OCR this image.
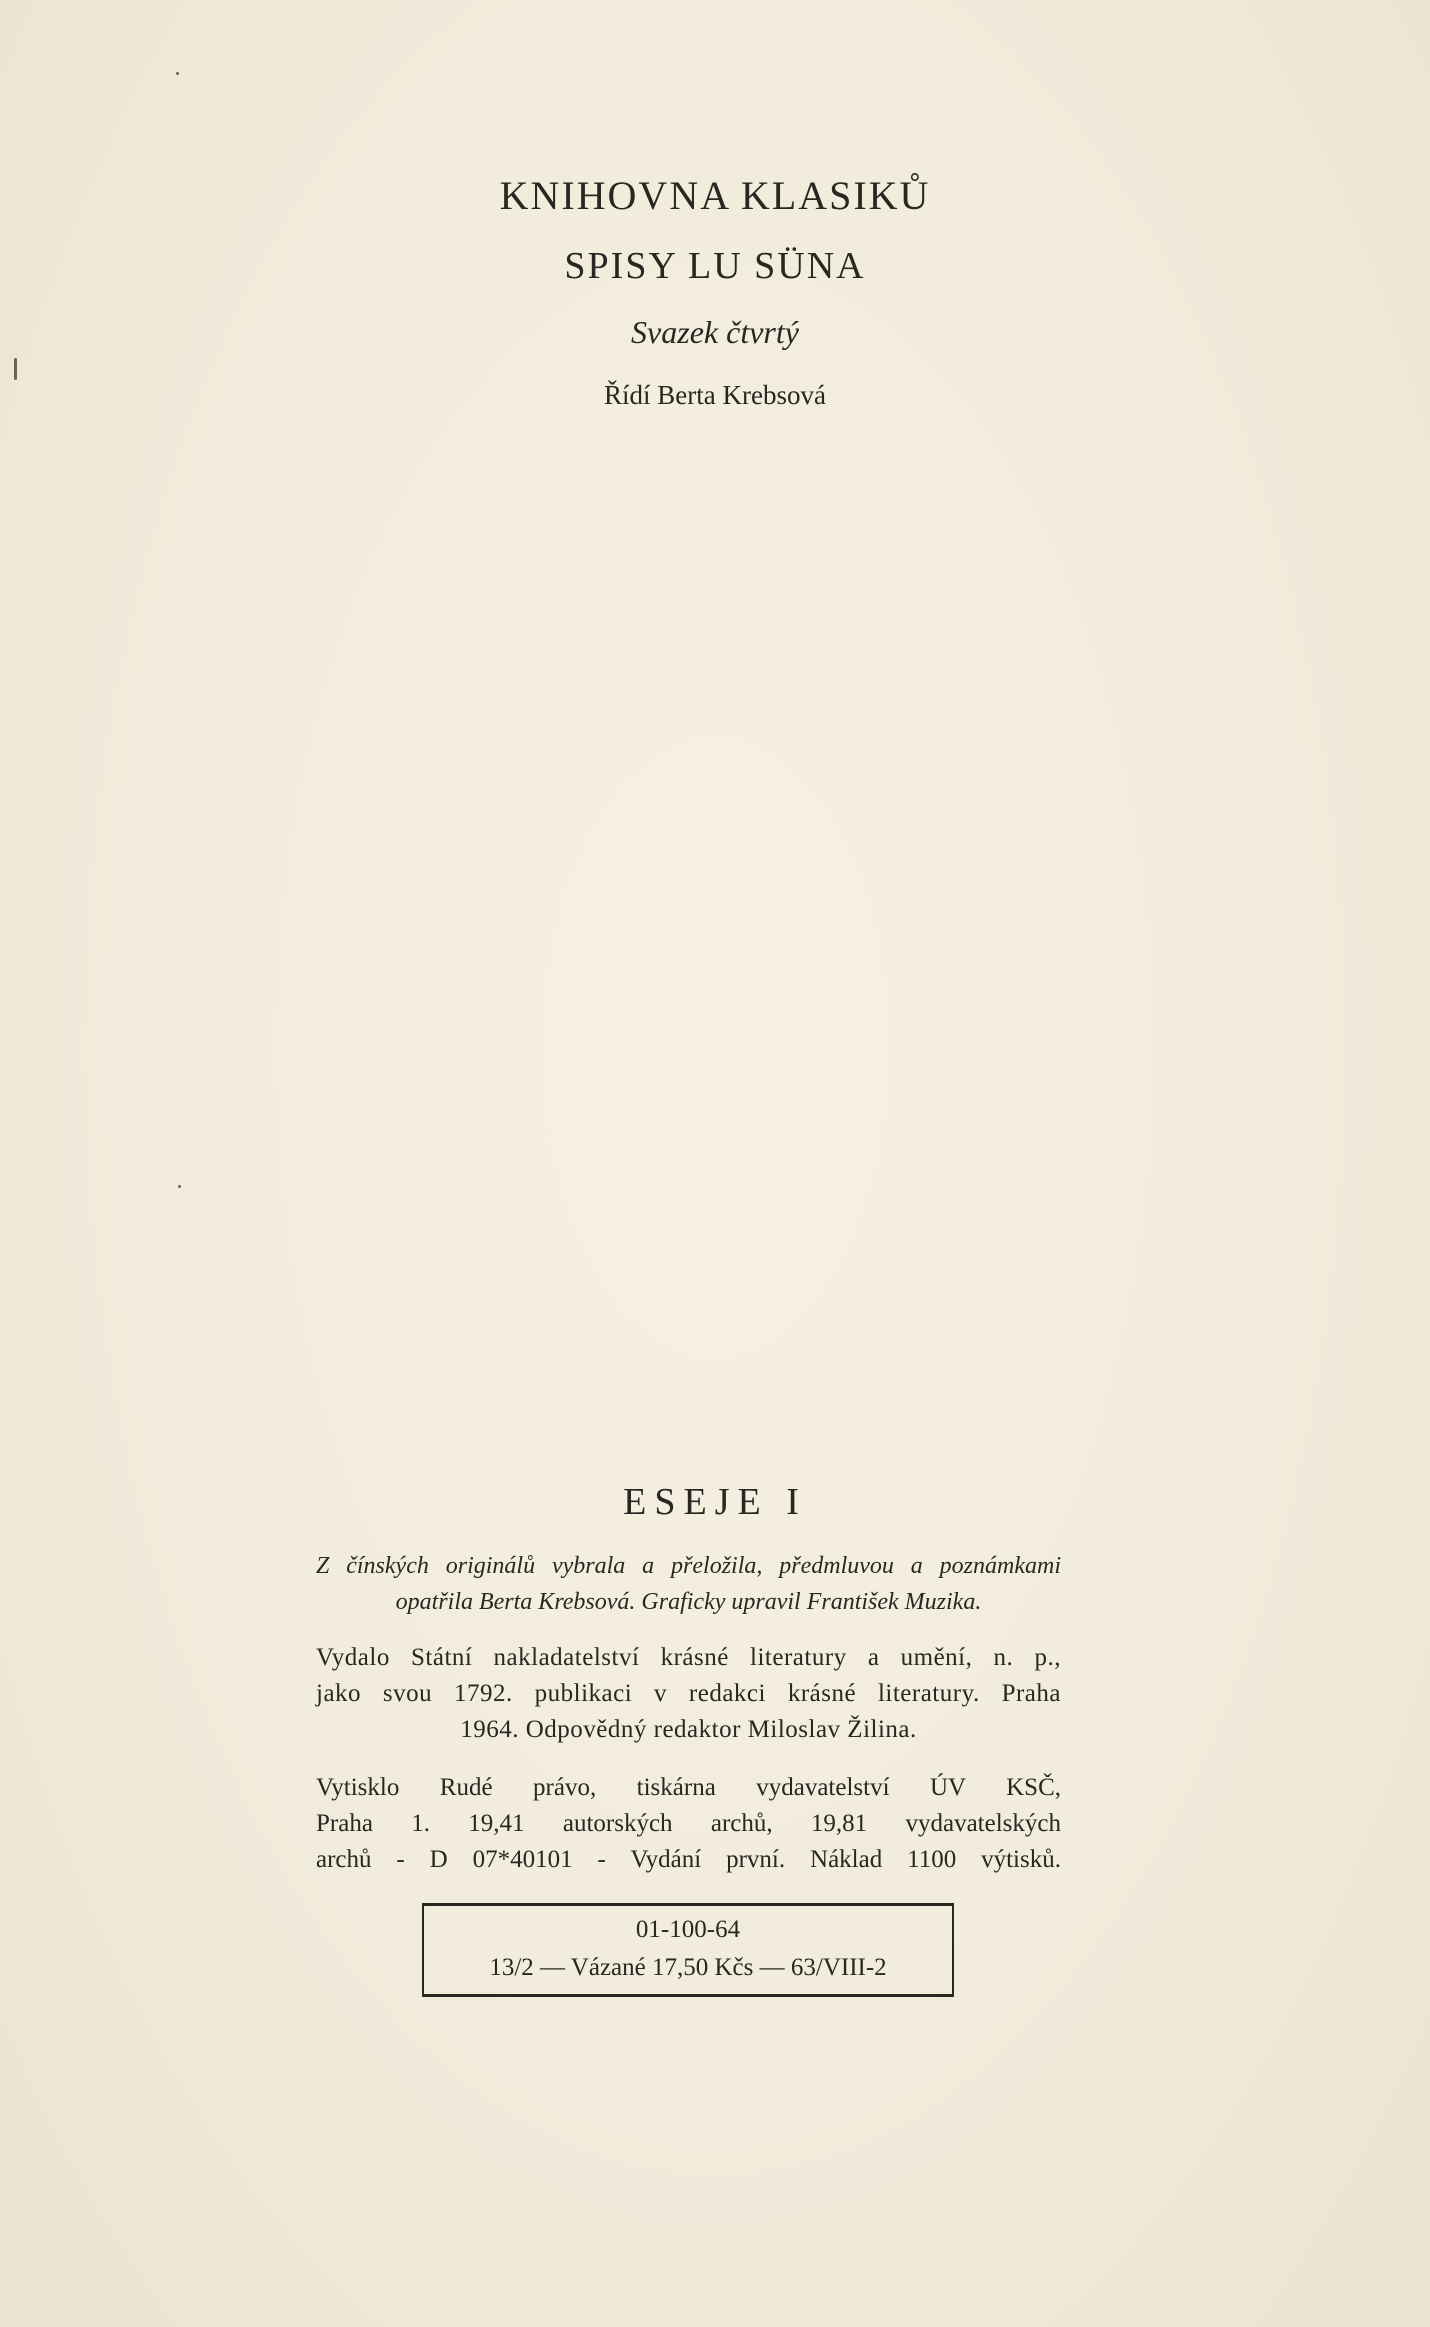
KNIHOVNA KLASIKŮ
SPISY LU SÜNA
Svazek čtvrtý
Řídí Berta Krebsová
ESEJE I
Z čínských originálů vybrala a přeložila, předmluvou a poznámkami
opatřila Berta Krebsová. Graficky upravil František Muzika.
Vydalo Státní nakladatelství krásné literatury a umění, n. p.,
jako svou 1792. publikaci v redakci krásné literatury. Praha
1964. Odpovědný redaktor Miloslav Žilina.
Vytisklo Rudé právo, tiskárna vydavatelství ÚV KSČ,
Praha 1. 19,41 autorských archů, 19,81 vydavatelských
archů - D 07*40101 - Vydání první. Náklad 1100 výtisků.
01-100-64
13/2 — Vázané 17,50 Kčs — 63/VIII-2
